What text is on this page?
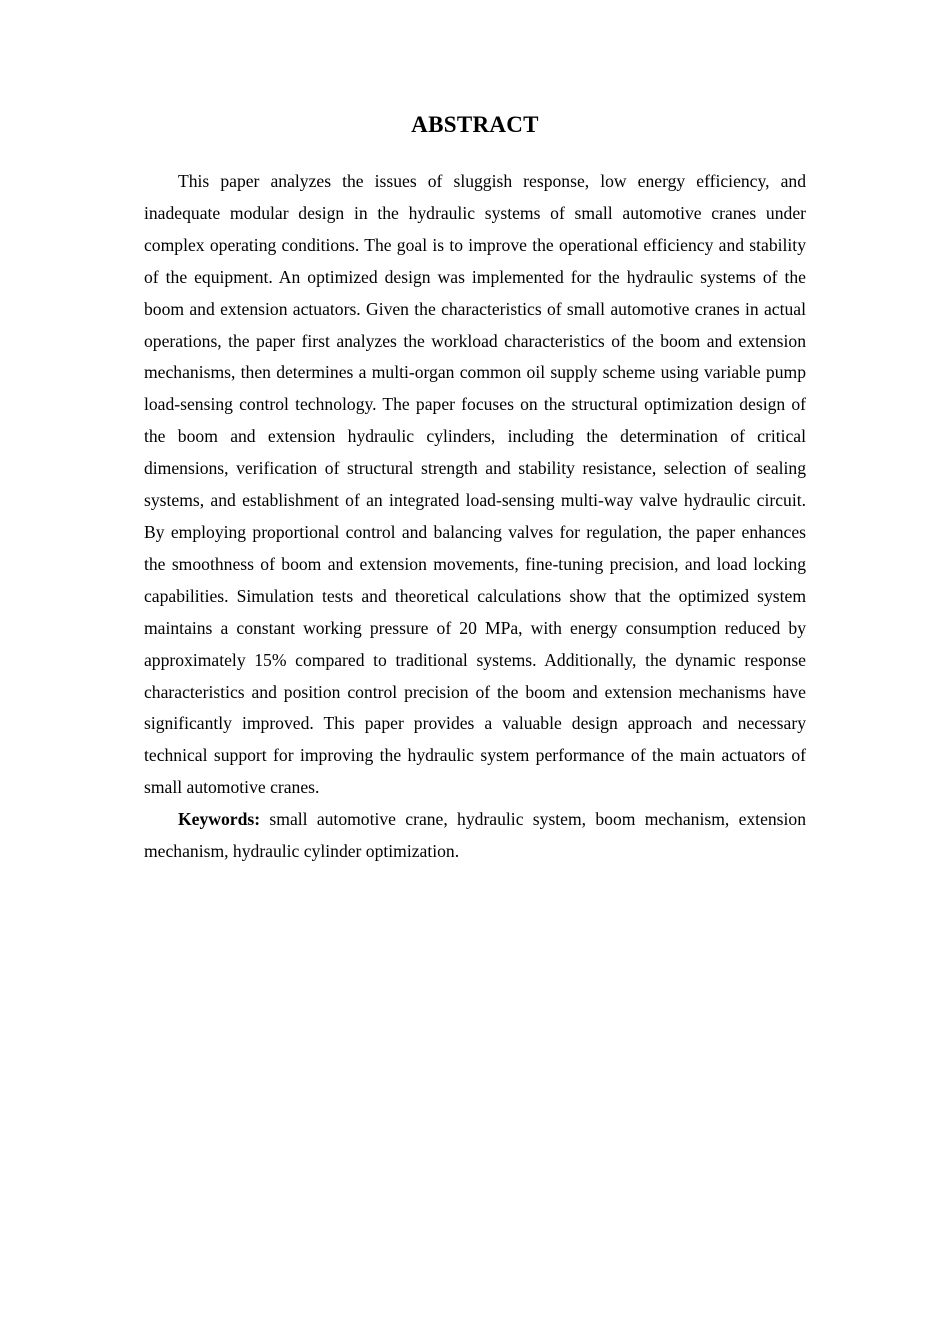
ABSTRACT

This paper analyzes the issues of sluggish response, low energy efficiency, and inadequate modular design in the hydraulic systems of small automotive cranes under complex operating conditions. The goal is to improve the operational efficiency and stability of the equipment. An optimized design was implemented for the hydraulic systems of the boom and extension actuators. Given the characteristics of small automotive cranes in actual operations, the paper first analyzes the workload characteristics of the boom and extension mechanisms, then determines a multi-organ common oil supply scheme using variable pump load-sensing control technology. The paper focuses on the structural optimization design of the boom and extension hydraulic cylinders, including the determination of critical dimensions, verification of structural strength and stability resistance, selection of sealing systems, and establishment of an integrated load-sensing multi-way valve hydraulic circuit. By employing proportional control and balancing valves for regulation, the paper enhances the smoothness of boom and extension movements, fine-tuning precision, and load locking capabilities. Simulation tests and theoretical calculations show that the optimized system maintains a constant working pressure of 20 MPa, with energy consumption reduced by approximately 15% compared to traditional systems. Additionally, the dynamic response characteristics and position control precision of the boom and extension mechanisms have significantly improved. This paper provides a valuable design approach and necessary technical support for improving the hydraulic system performance of the main actuators of small automotive cranes.

Keywords: small automotive crane, hydraulic system, boom mechanism, extension mechanism, hydraulic cylinder optimization.
